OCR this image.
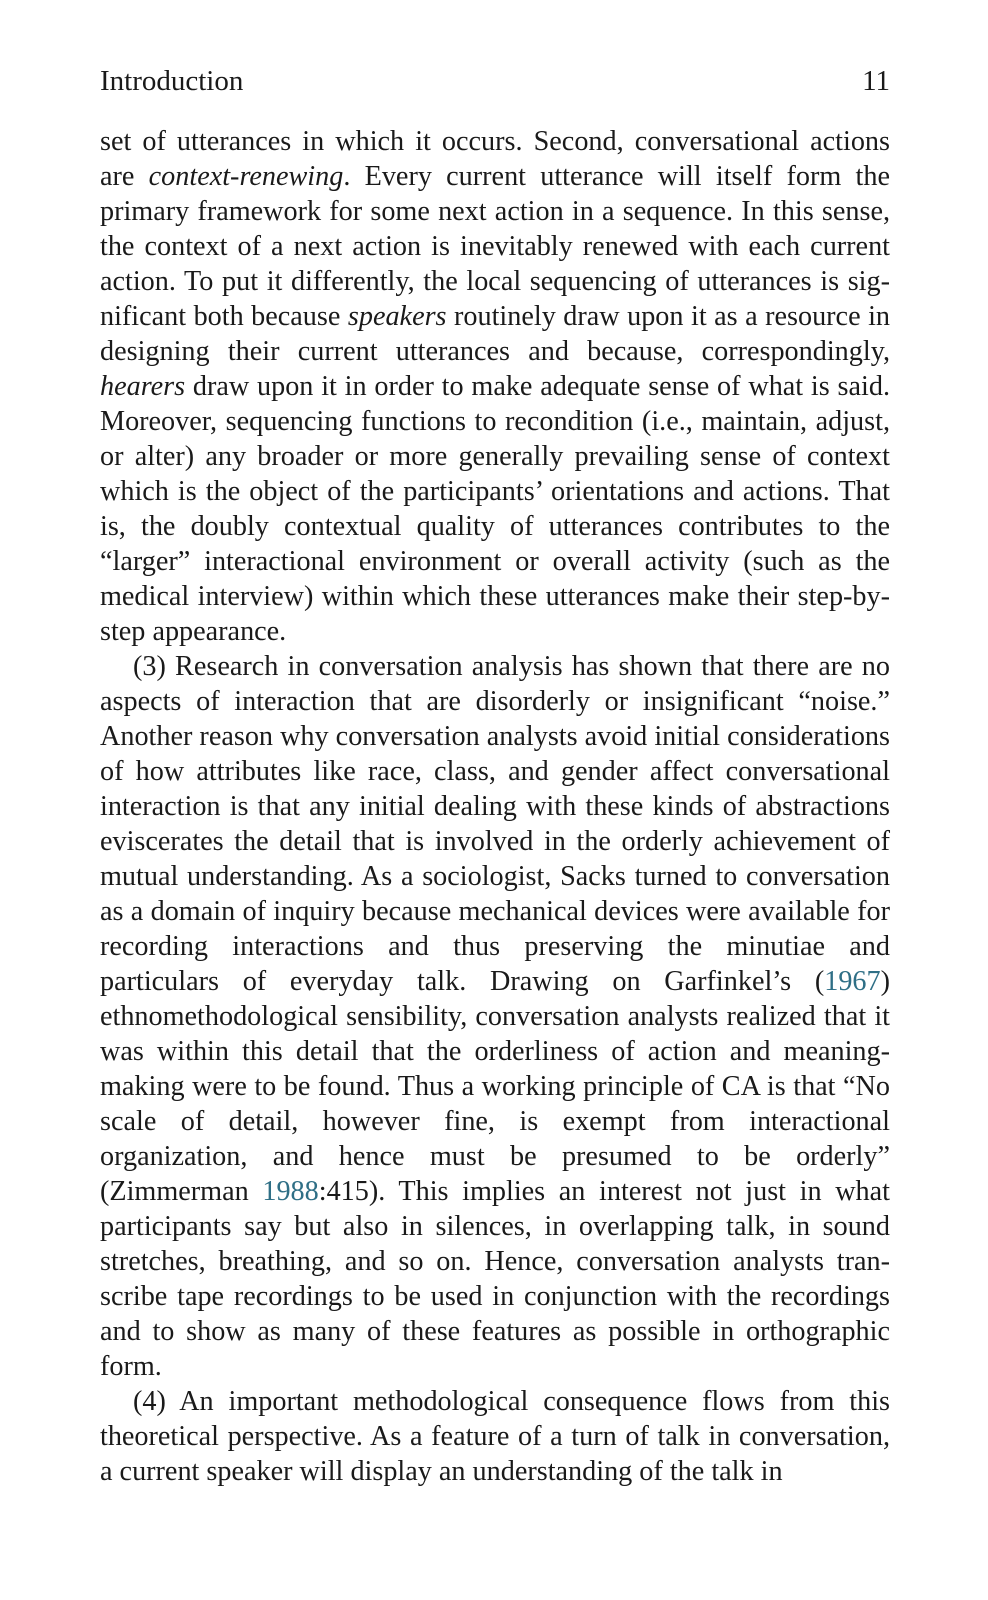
Introduction	11

set of utterances in which it occurs. Second, conversational actions are context-renewing. Every current utterance will itself form the primary framework for some next action in a sequence. In this sense, the context of a next action is inevitably renewed with each current action. To put it differently, the local sequencing of utterances is significant both because speakers routinely draw upon it as a resource in designing their current utterances and because, correspondingly, hearers draw upon it in order to make adequate sense of what is said. Moreover, sequencing functions to recondition (i.e., maintain, adjust, or alter) any broader or more generally prevailing sense of context which is the object of the participants’ orientations and actions. That is, the doubly contextual quality of utterances contributes to the “larger” interactional environment or overall activity (such as the medical interview) within which these utterances make their step-by-step appearance.

(3) Research in conversation analysis has shown that there are no aspects of interaction that are disorderly or insignificant “noise.” Another reason why conversation analysts avoid initial considerations of how attributes like race, class, and gender affect conversational interaction is that any initial dealing with these kinds of abstractions eviscerates the detail that is involved in the orderly achievement of mutual understanding. As a sociologist, Sacks turned to conversation as a domain of inquiry because mechanical devices were available for recording interactions and thus preserving the minutiae and particulars of everyday talk. Drawing on Garfinkel’s (1967) ethnomethodological sensibility, conversation analysts realized that it was within this detail that the orderliness of action and meaning-making were to be found. Thus a working principle of CA is that “No scale of detail, however fine, is exempt from interactional organization, and hence must be presumed to be orderly” (Zimmerman 1988:415). This implies an interest not just in what participants say but also in silences, in overlapping talk, in sound stretches, breathing, and so on. Hence, conversation analysts transcribe tape recordings to be used in conjunction with the recordings and to show as many of these features as possible in orthographic form.

(4) An important methodological consequence flows from this theoretical perspective. As a feature of a turn of talk in conversation, a current speaker will display an understanding of the talk in
